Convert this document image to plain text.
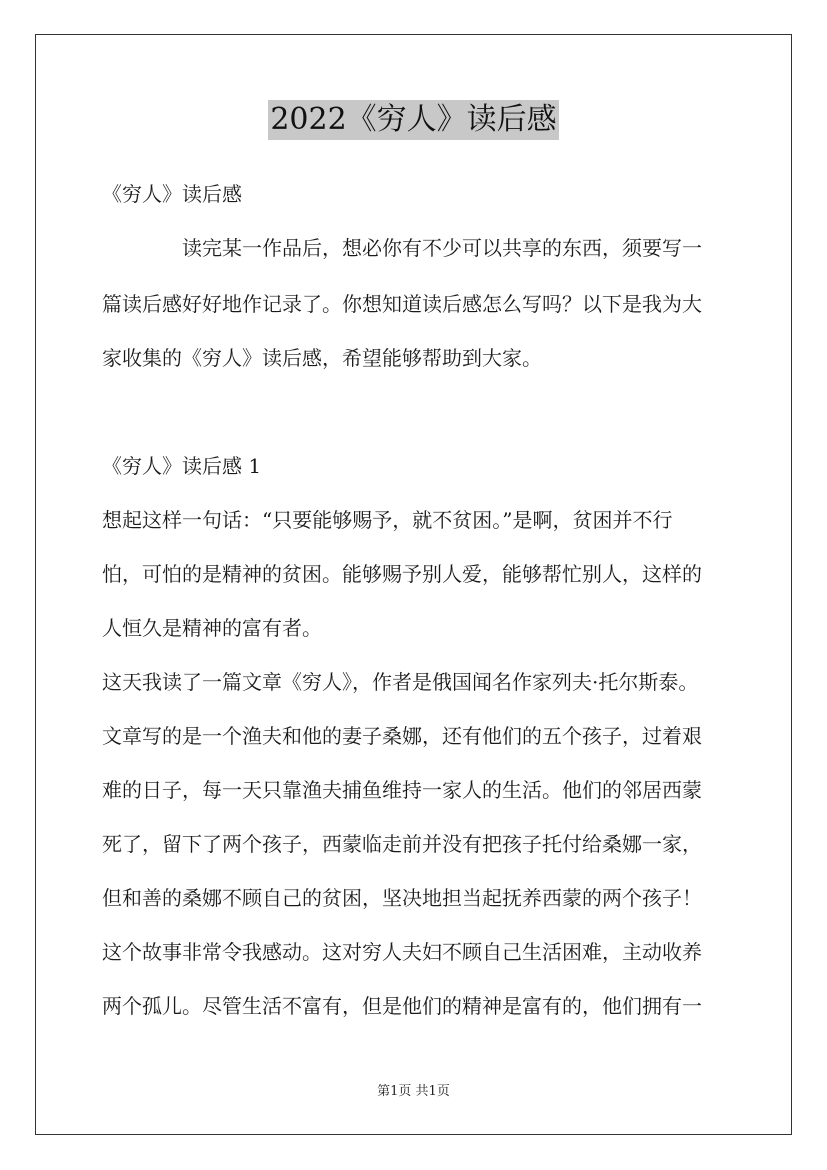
2022《穷人》读后感
《穷人》读后感
读完某一作品后，想必你有不少可以共享的东西，须要写一
篇读后感好好地作记录了。你想知道读后感怎么写吗？以下是我为大
家收集的《穷人》读后感，希望能够帮助到大家。
《穷人》读后感 1
想起这样一句话：“只要能够赐予，就不贫困。”是啊，贫困并不行
怕，可怕的是精神的贫困。能够赐予别人爱，能够帮忙别人，这样的
人恒久是精神的富有者。
这天我读了一篇文章《穷人》，作者是俄国闻名作家列夫·托尔斯泰。
文章写的是一个渔夫和他的妻子桑娜，还有他们的五个孩子，过着艰
难的日子，每一天只靠渔夫捕鱼维持一家人的生活。他们的邻居西蒙
死了，留下了两个孩子，西蒙临走前并没有把孩子托付给桑娜一家，
但和善的桑娜不顾自己的贫困，坚决地担当起抚养西蒙的两个孩子！
这个故事非常令我感动。这对穷人夫妇不顾自己生活困难，主动收养
两个孤儿。尽管生活不富有，但是他们的精神是富有的，他们拥有一
第1页 共1页
